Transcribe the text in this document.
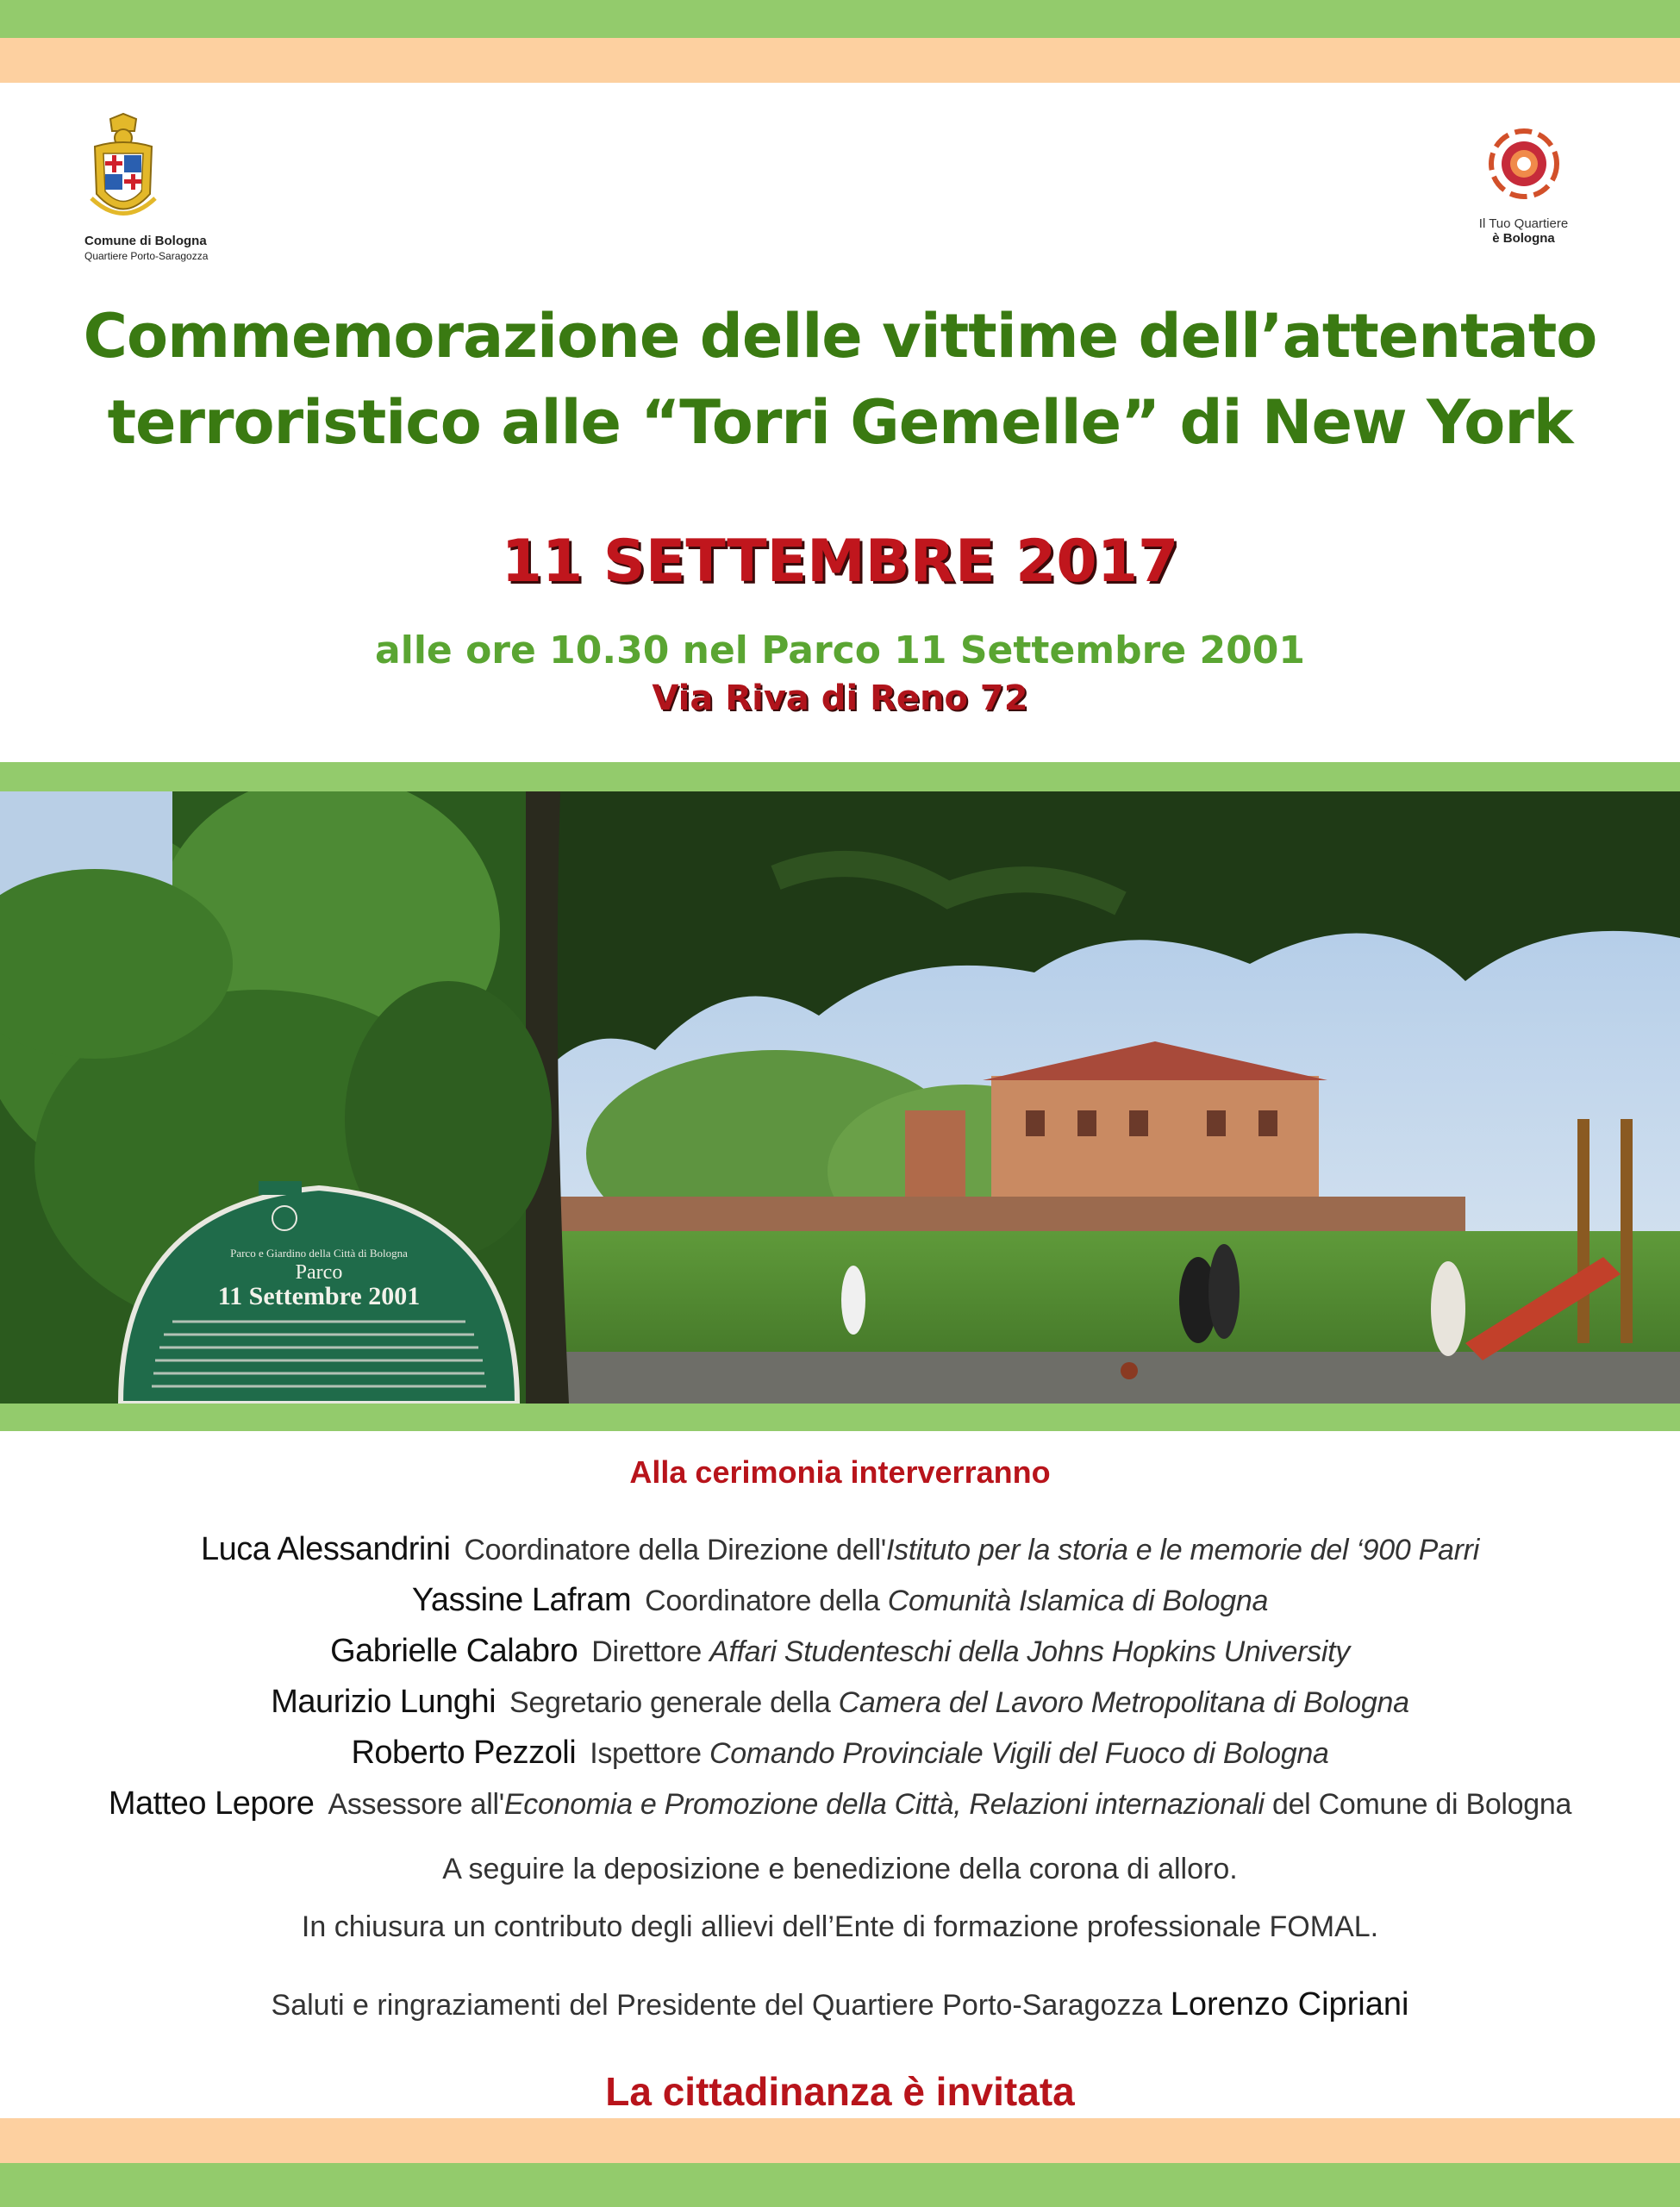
Comune di Bologna
Quartiere Porto-Saragozza
Il Tuo Quartiere
è Bologna
Commemorazione delle vittime dell’attentato
terroristico alle “Torri Gemelle” di New York
11 SETTEMBRE 2017
alle ore 10.30 nel Parco 11 Settembre 2001
Via Riva di Reno 72
Parco e Giardino della Città di Bologna
Parco
11 Settembre 2001
Alla cerimonia interverranno
Luca Alessandrini Coordinatore della Direzione dell'Istituto per la storia e le memorie del ‘900 Parri
Yassine Lafram Coordinatore della Comunità Islamica di Bologna
Gabrielle Calabro Direttore Affari Studenteschi della Johns Hopkins University
Maurizio Lunghi Segretario generale della Camera del Lavoro Metropolitana di Bologna
Roberto Pezzoli Ispettore Comando Provinciale Vigili del Fuoco di Bologna
Matteo Lepore Assessore all'Economia e Promozione della Città, Relazioni internazionali del Comune di Bologna
A seguire la deposizione e benedizione della corona di alloro.
In chiusura un contributo degli allievi dell’Ente di formazione professionale FOMAL.
Saluti e ringraziamenti del Presidente del Quartiere Porto-Saragozza Lorenzo Cipriani
La cittadinanza è invitata
